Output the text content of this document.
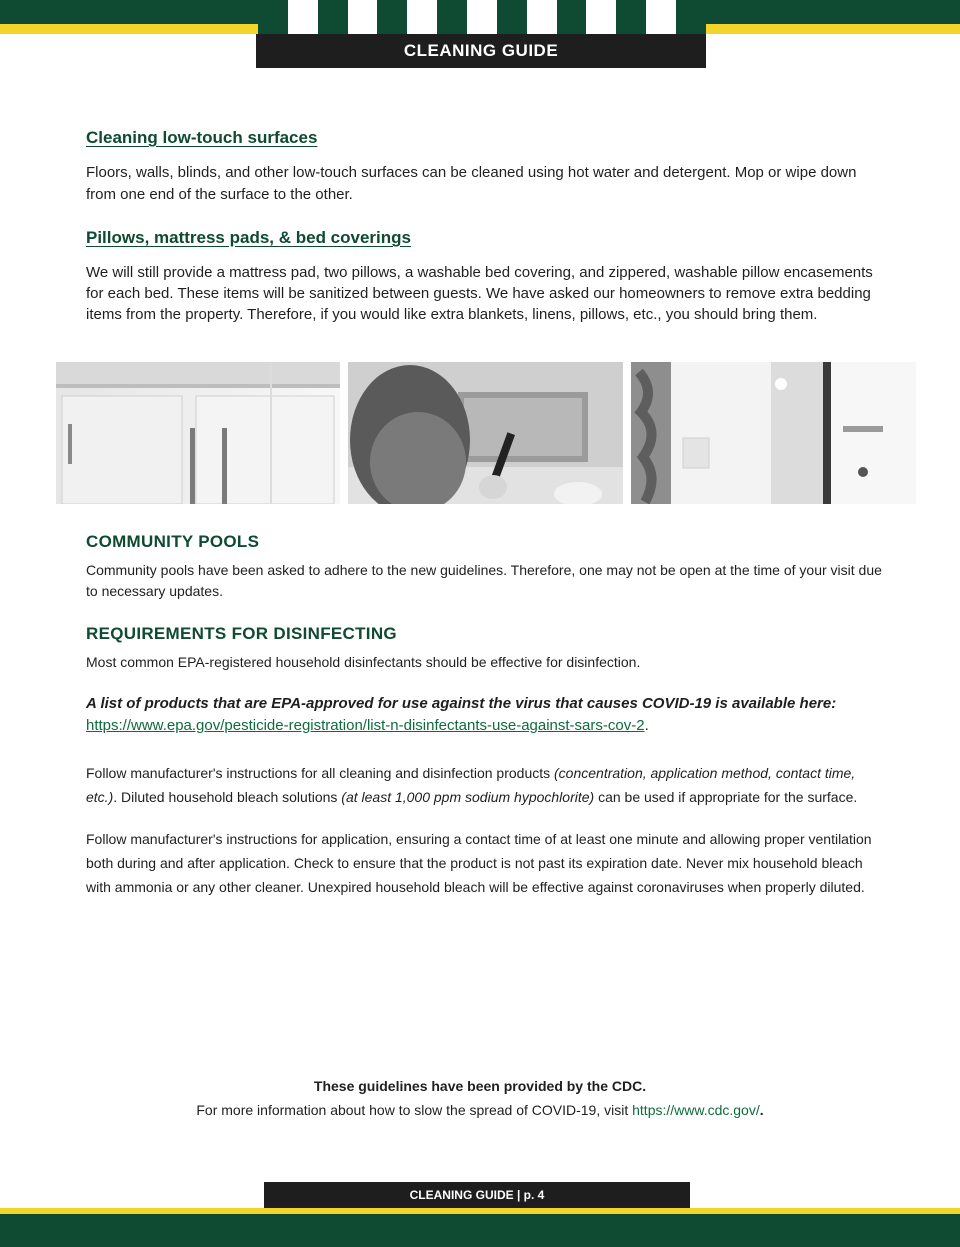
CLEANING GUIDE
Cleaning low-touch surfaces

Floors, walls, blinds, and other low-touch surfaces can be cleaned using hot water and detergent. Mop or wipe down from one end of the surface to the other.

Pillows, mattress pads, & bed coverings

We will still provide a mattress pad, two pillows, a washable bed covering, and zippered, washable pillow encasements for each bed. These items will be sanitized between guests. We have asked our homeowners to remove extra bedding items from the property. Therefore, if you would like extra blankets, linens, pillows, etc., you should bring them.

COMMUNITY POOLS

Community pools have been asked to adhere to the new guidelines. Therefore, one may not be open at the time of your visit due to necessary updates.

REQUIREMENTS FOR DISINFECTING

Most common EPA-registered household disinfectants should be effective for disinfection.

A list of products that are EPA-approved for use against the virus that causes COVID-19 is available here:

https://www.epa.gov/pesticide-registration/list-n-disinfectants-use-against-sars-cov-2.

Follow manufacturer's instructions for all cleaning and disinfection products (concentration, application method, contact time, etc.). Diluted household bleach solutions (at least 1,000 ppm sodium hypochlorite) can be used if appropriate for the surface.

Follow manufacturer's instructions for application, ensuring a contact time of at least one minute and allowing proper ventilation both during and after application. Check to ensure that the product is not past its expiration date. Never mix household bleach with ammonia or any other cleaner. Unexpired household bleach will be effective against coronaviruses when properly diluted.

These guidelines have been provided by the CDC.
For more information about how to slow the spread of COVID-19, visit https://www.cdc.gov/.
CLEANING GUIDE | p. 4
